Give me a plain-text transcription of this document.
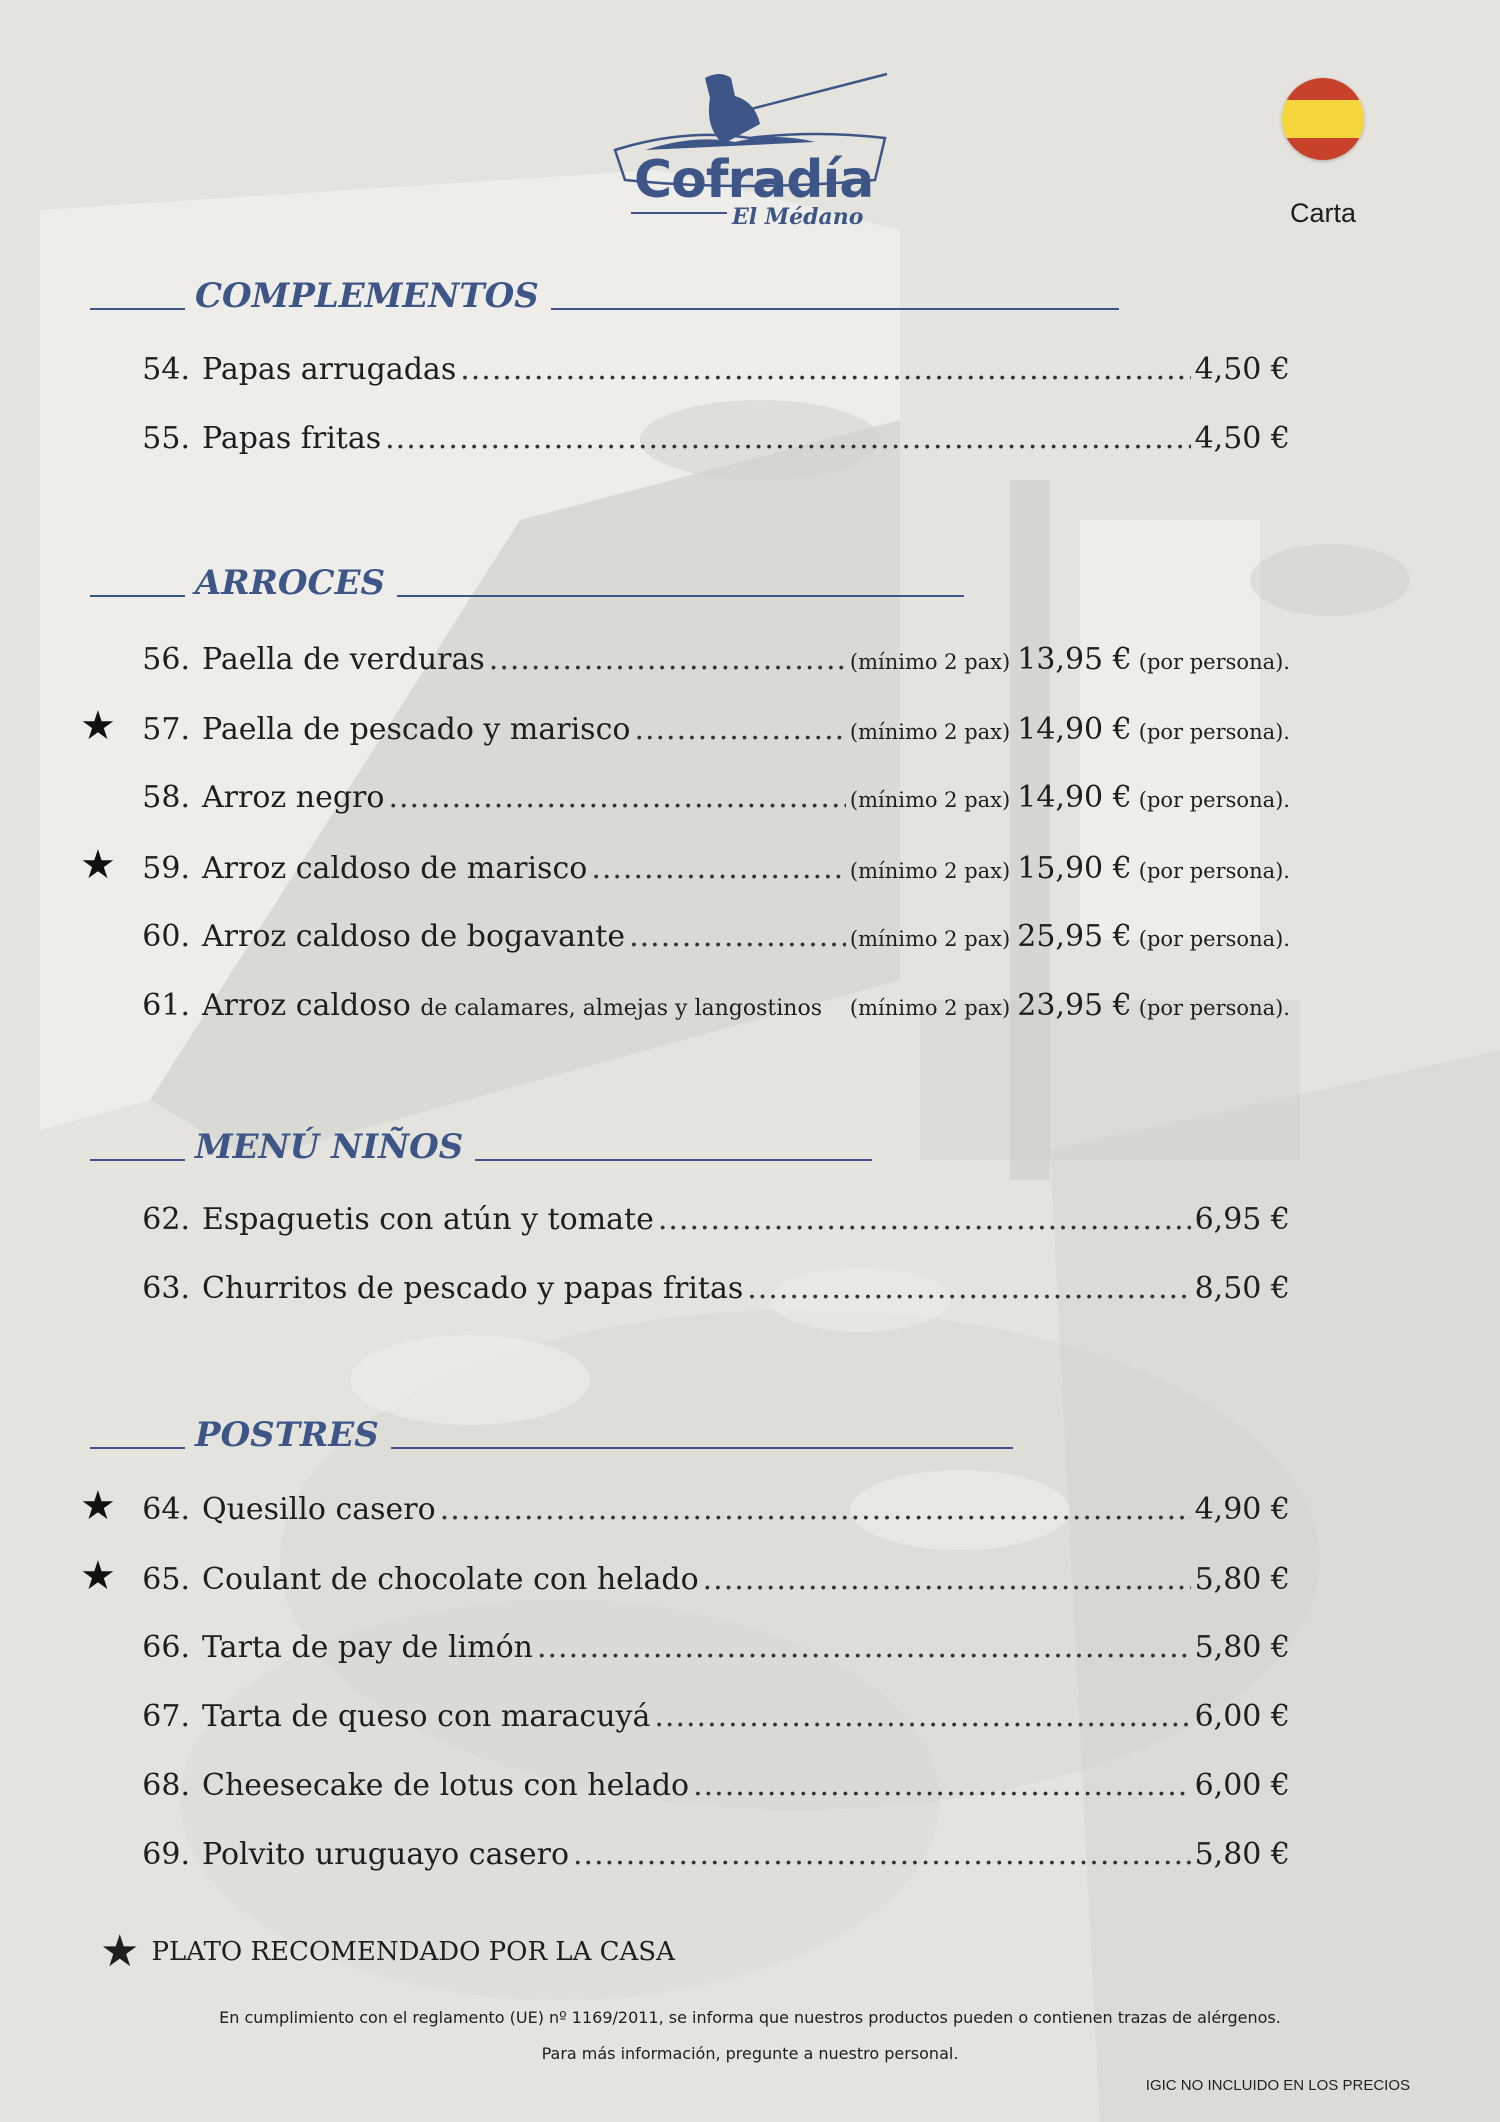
Cofradía
El Médano	Carta
COMPLEMENTOS
ARROCES
MENÚ NIÑOS
POSTRES
54. Papas arrugadas .....	4,50 €
55. Papas fritas .....	4,50 €
56. Paella de verduras .....	(mínimo 2 pax) 13,95 € (por persona).
★ 57. Paella de pescado y marisco .....	(mínimo 2 pax) 14,90 € (por persona).
58. Arroz negro .....	(mínimo 2 pax) 14,90 € (por persona).
★ 59. Arroz caldoso de marisco .....	(mínimo 2 pax) 15,90 € (por persona).
60. Arroz caldoso de bogavante .....	(mínimo 2 pax) 25,95 € (por persona).
61. Arroz caldoso de calamares, almejas y langostinos (mínimo 2 pax) 23,95 € (por persona).
62. Espaguetis con atún y tomate .....	6,95 €
63. Churritos de pescado y papas fritas .....	8,50 €
★ 64. Quesillo casero .....	4,90 €
★ 65. Coulant de chocolate con helado .....	5,80 €
66. Tarta de pay de limón .....	5,80 €
67. Tarta de queso con maracuyá .....	6,00 €
68. Cheesecake de lotus con helado .....	6,00 €
69. Polvito uruguayo casero .....	5,80 €
★ PLATO RECOMENDADO POR LA CASA
En cumplimiento con el reglamento (UE) nº 1169/2011, se informa que nuestros productos pueden o contienen trazas de alérgenos.
Para más información, pregunte a nuestro personal.
IGIC NO INCLUIDO EN LOS PRECIOS
